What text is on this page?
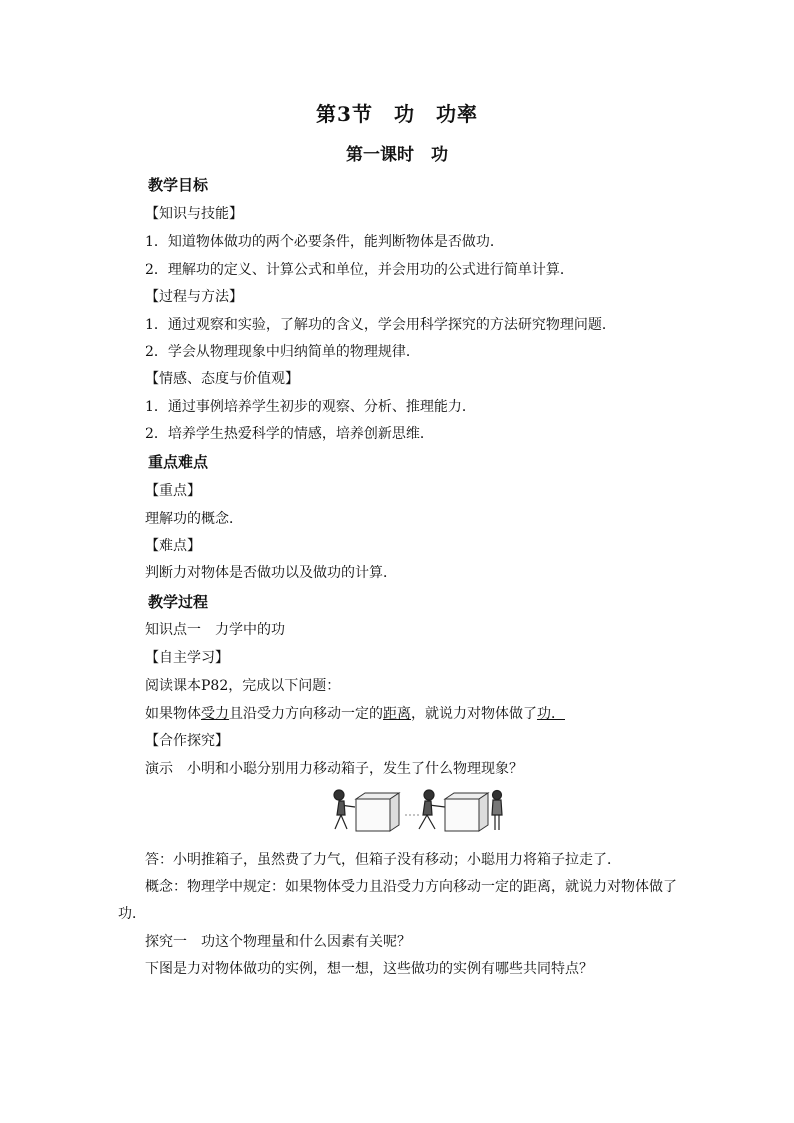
第3节　功　功率
第一课时　功

教学目标

【知识与技能】

1．知道物体做功的两个必要条件，能判断物体是否做功．

2．理解功的定义、计算公式和单位，并会用功的公式进行简单计算．

【过程与方法】

1．通过观察和实验，了解功的含义，学会用科学探究的方法研究物理问题．

2．学会从物理现象中归纳简单的物理规律．

【情感、态度与价值观】

1．通过事例培养学生初步的观察、分析、推理能力．

2．培养学生热爱科学的情感，培养创新思维．

重点难点

【重点】

理解功的概念．

【难点】

判断力对物体是否做功以及做功的计算．

教学过程

知识点一　力学中的功

【自主学习】

阅读课本P82，完成以下问题：

如果物体受力且沿受力方向移动一定的距离，就说力对物体做了功．

【合作探究】

演示　小明和小聪分别用力移动箱子，发生了什么物理现象？

答：小明推箱子，虽然费了力气，但箱子没有移动；小聪用力将箱子拉走了．

概念：物理学中规定：如果物体受力且沿受力方向移动一定的距离，就说力对物体做了

功．

探究一　功这个物理量和什么因素有关呢？

下图是力对物体做功的实例，想一想，这些做功的实例有哪些共同特点？
